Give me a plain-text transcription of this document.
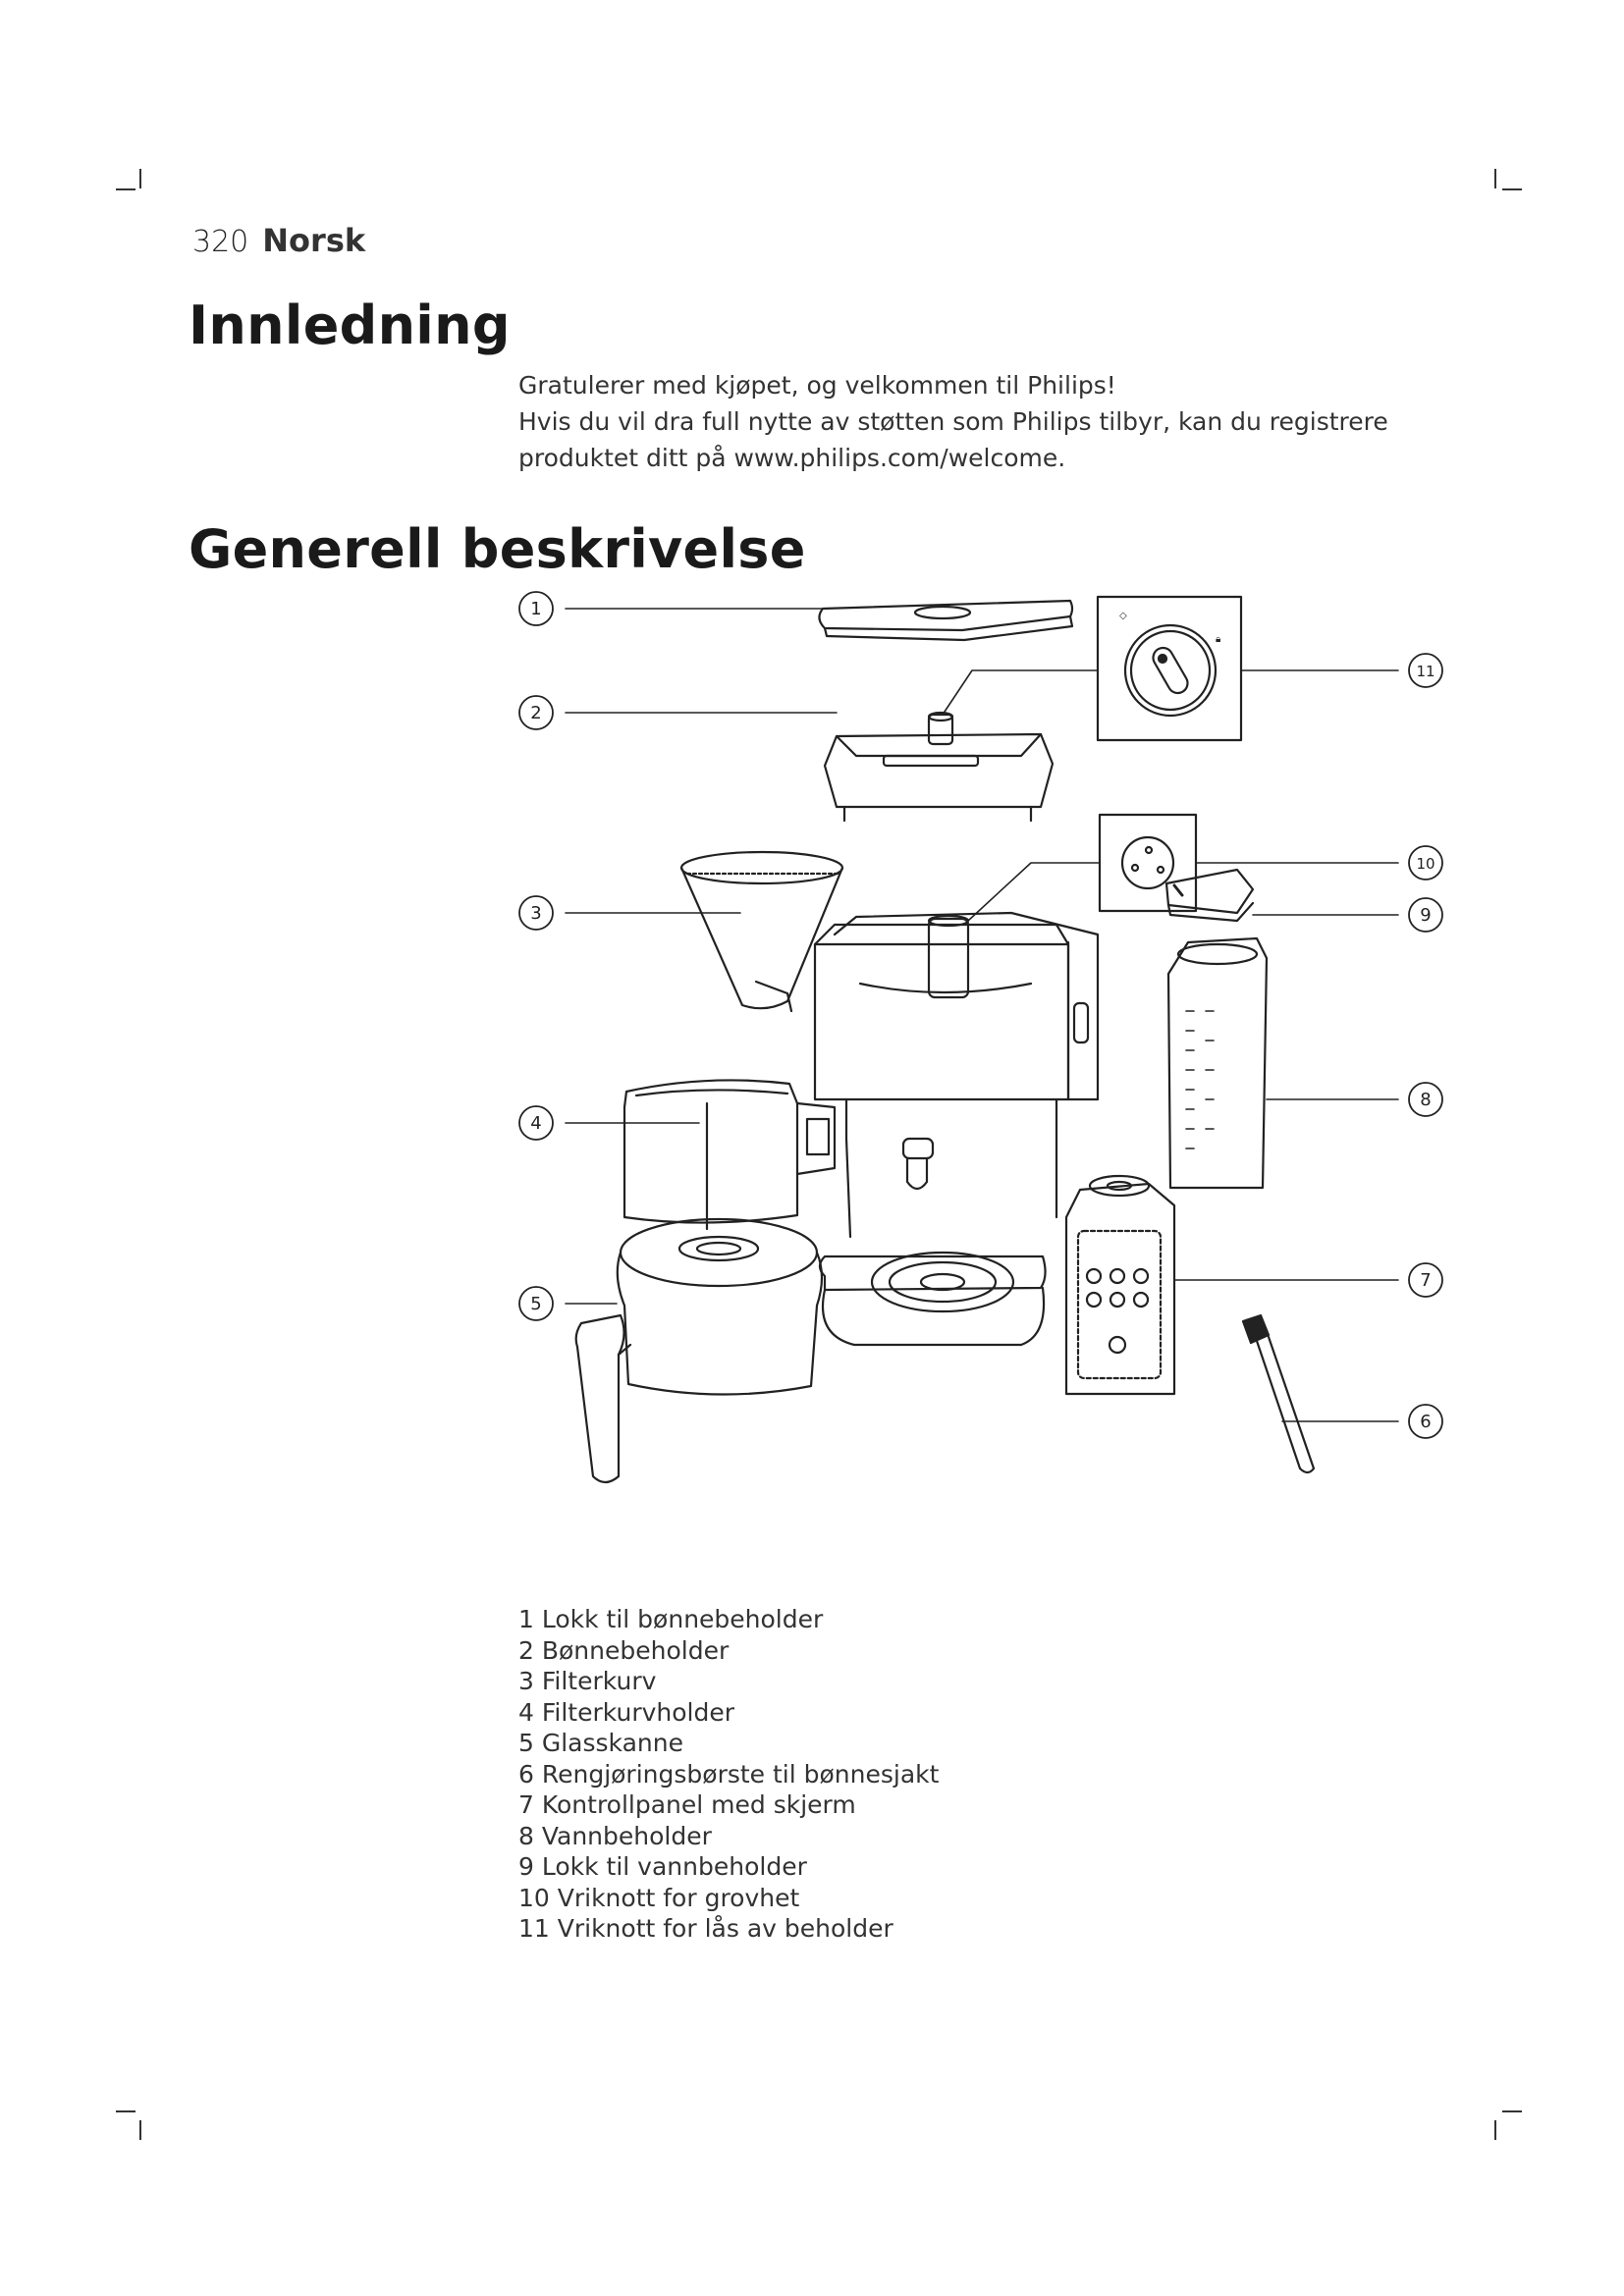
320 Norsk
Innledning

Gratulerer med kjøpet, og velkommen til Philips!

Hvis du vil dra full nytte av støtten som Philips tilbyr, kan du registrere produktet ditt på www.philips.com/welcome.

Generell beskrivelse
◇
🔒︎
1
2
3
4
5
6
7
8
9
10
11
1 Lokk til bønnebeholder
2 Bønnebeholder
3 Filterkurv
4 Filterkurvholder
5 Glasskanne
6 Rengjøringsbørste til bønnesjakt
7 Kontrollpanel med skjerm
8 Vannbeholder
9 Lokk til vannbeholder
10 Vriknott for grovhet
11 Vriknott for lås av beholder
